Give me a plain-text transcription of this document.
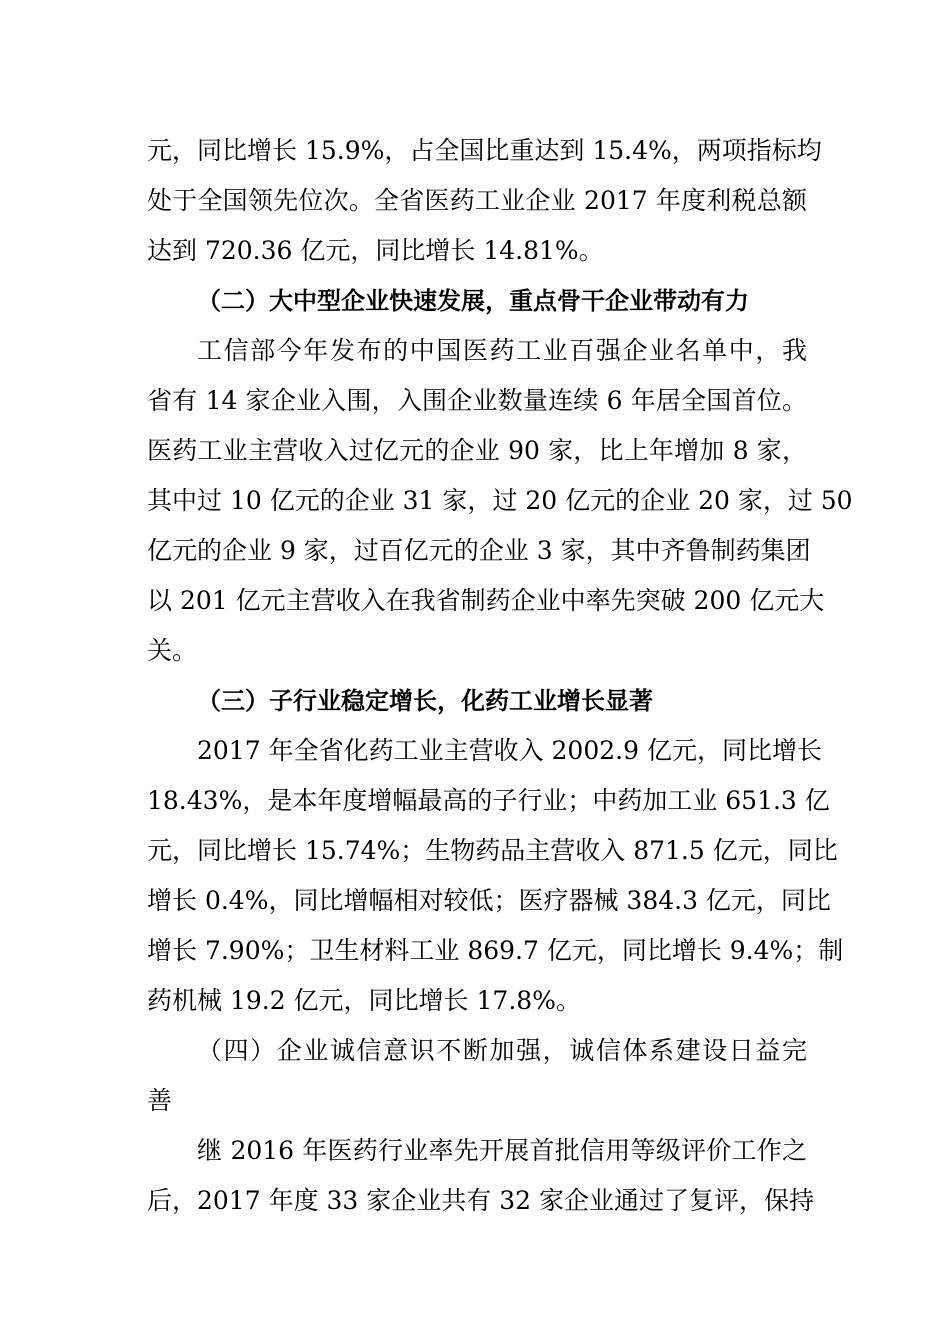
元，同比增长 15.9%，占全国比重达到 15.4%，两项指标均
处于全国领先位次。全省医药工业企业 2017 年度利税总额
达到 720.36 亿元，同比增长 14.81%。
（二）大中型企业快速发展，重点骨干企业带动有力
工信部今年发布的中国医药工业百强企业名单中，我
省有 14 家企业入围，入围企业数量连续 6 年居全国首位。
医药工业主营收入过亿元的企业 90 家，比上年增加 8 家，
其中过 10 亿元的企业 31 家，过 20 亿元的企业 20 家，过 50
亿元的企业 9 家，过百亿元的企业 3 家，其中齐鲁制药集团
以 201 亿元主营收入在我省制药企业中率先突破 200 亿元大
关。
（三）子行业稳定增长，化药工业增长显著
2017 年全省化药工业主营收入 2002.9 亿元，同比增长
18.43%，是本年度增幅最高的子行业；中药加工业 651.3 亿
元，同比增长 15.74%；生物药品主营收入 871.5 亿元，同比
增长 0.4%，同比增幅相对较低；医疗器械 384.3 亿元，同比
增长 7.90%；卫生材料工业 869.7 亿元，同比增长 9.4%；制
药机械 19.2 亿元，同比增长 17.8%。
（四）企业诚信意识不断加强，诚信体系建设日益完
善
继 2016 年医药行业率先开展首批信用等级评价工作之
后，2017 年度 33 家企业共有 32 家企业通过了复评，保持
